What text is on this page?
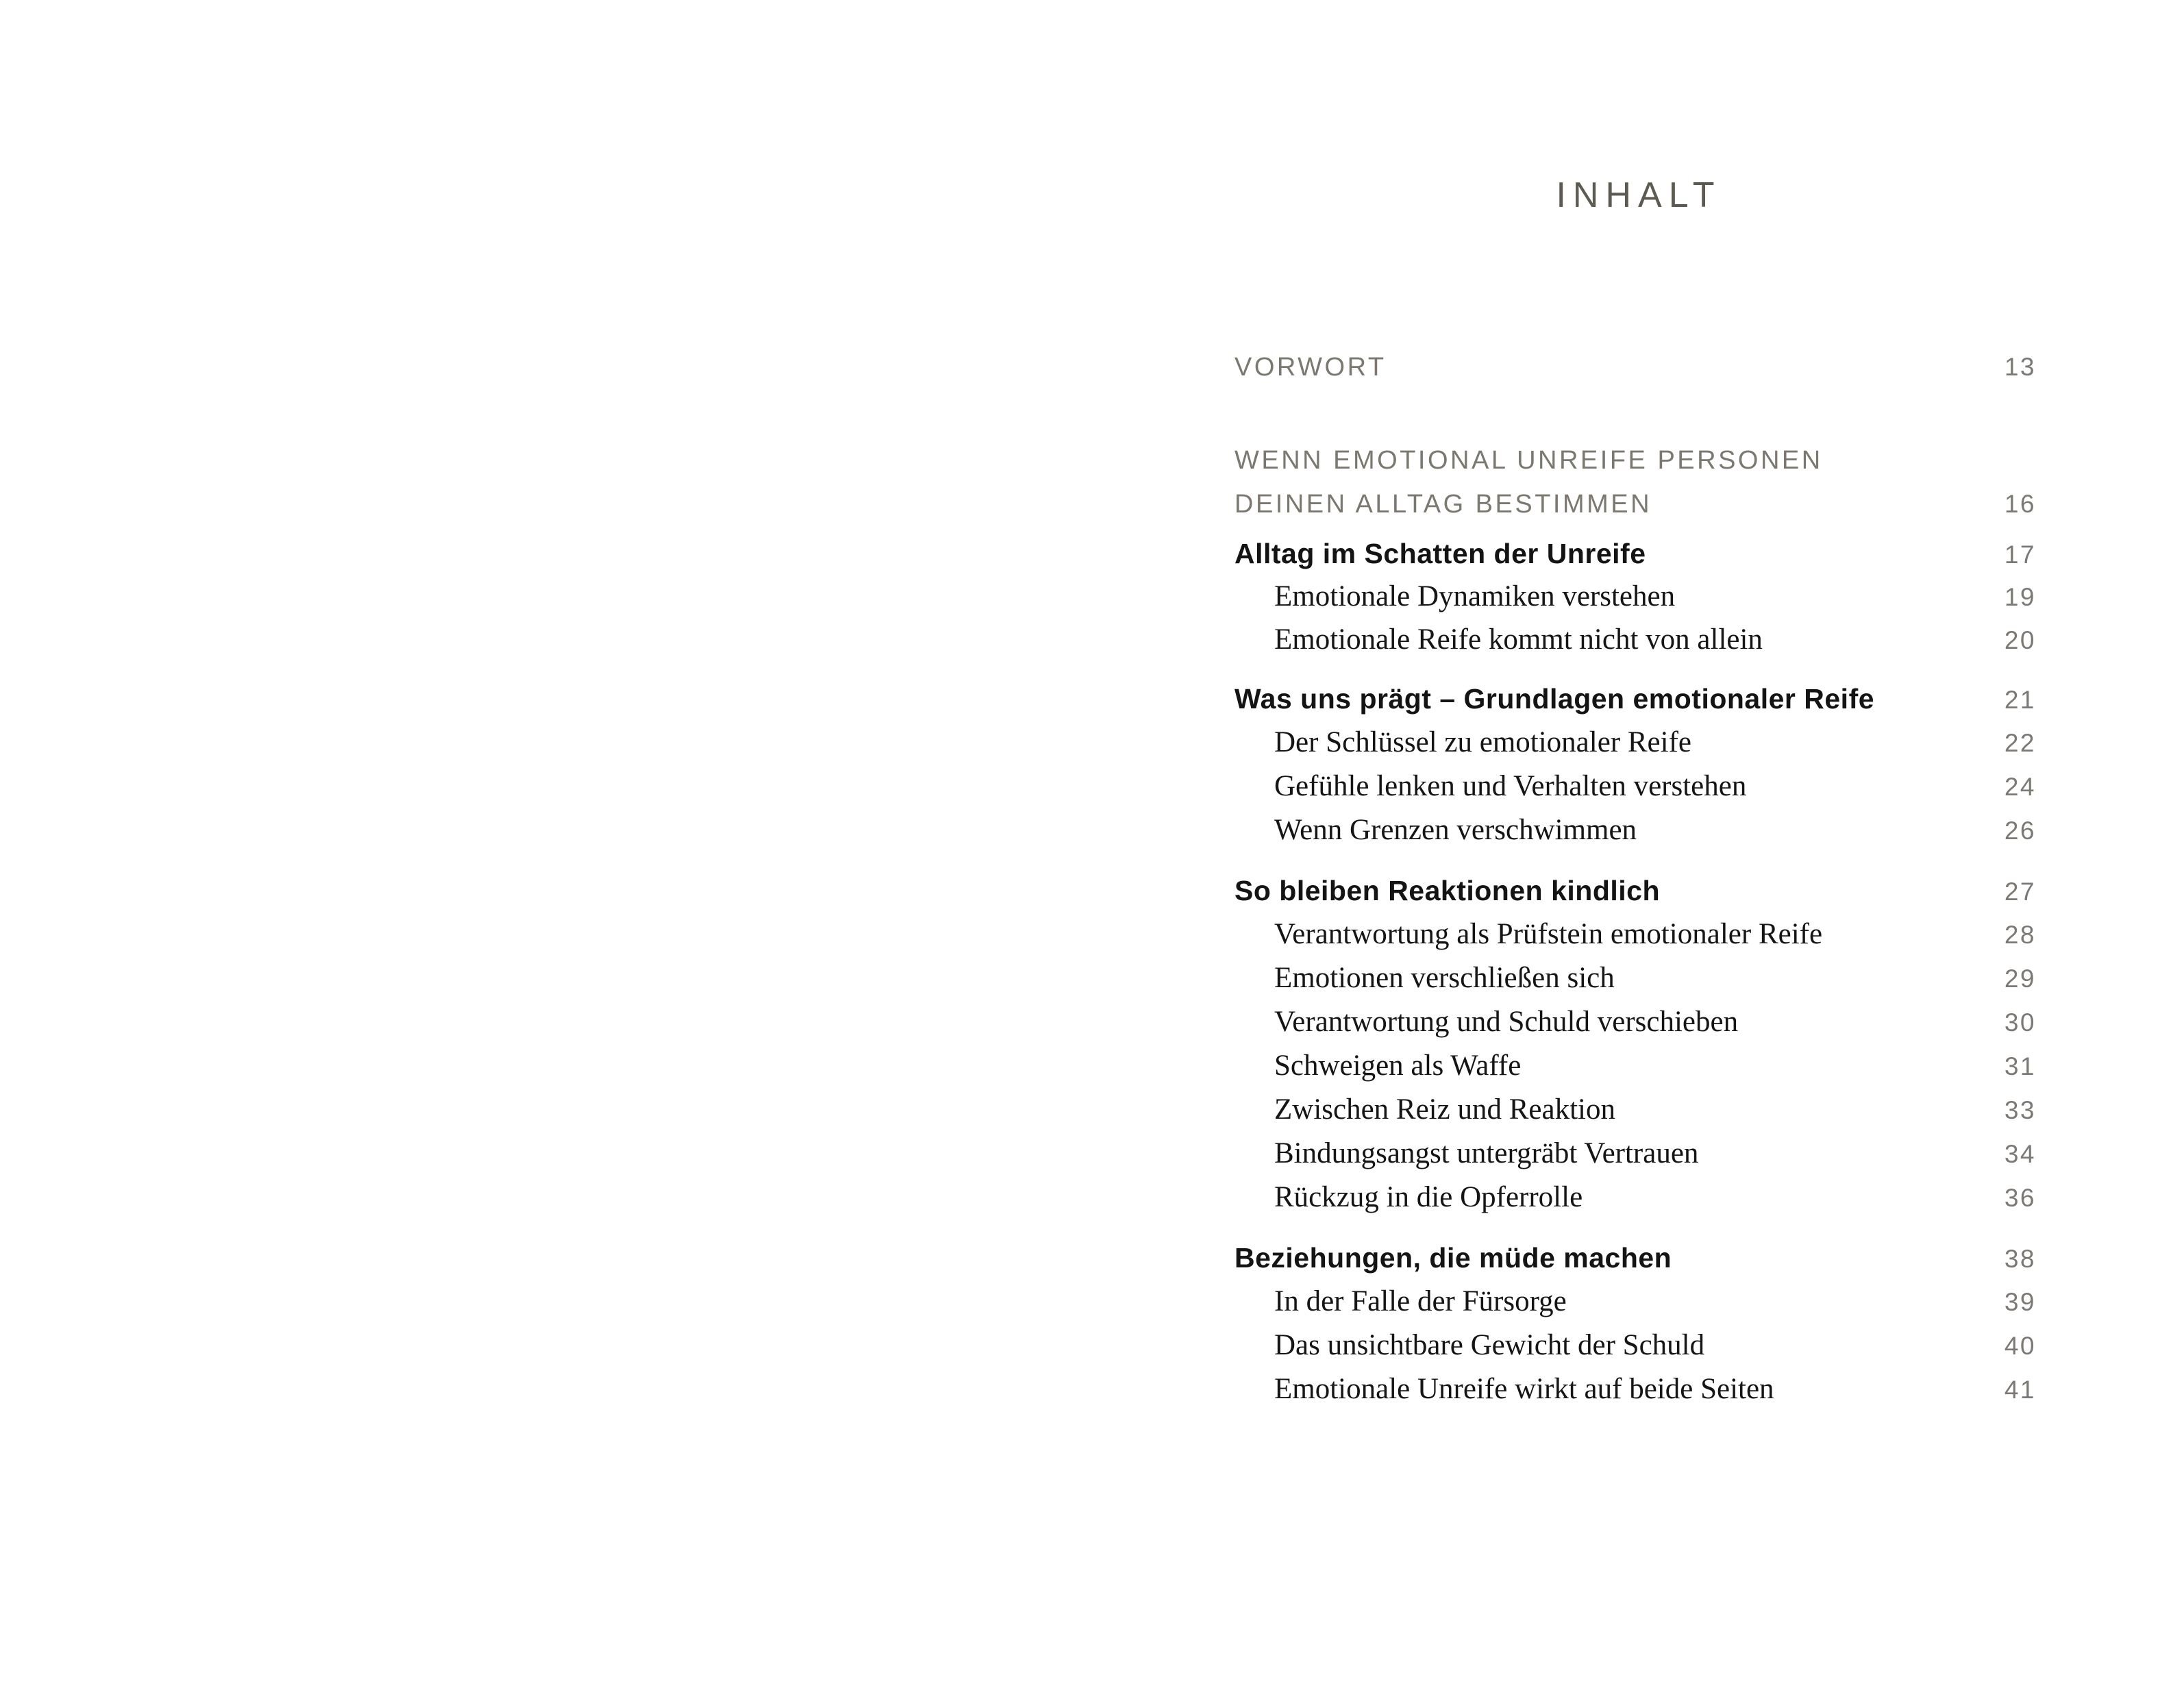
INHALT
VORWORT	13
WENN EMOTIONAL UNREIFE PERSONEN
DEINEN ALLTAG BESTIMMEN	16
Alltag im Schatten der Unreife	17
Emotionale Dynamiken verstehen	19
Emotionale Reife kommt nicht von allein	20
Was uns prägt – Grundlagen emotionaler Reife	21
Der Schlüssel zu emotionaler Reife	22
Gefühle lenken und Verhalten verstehen	24
Wenn Grenzen verschwimmen	26
So bleiben Reaktionen kindlich	27
Verantwortung als Prüfstein emotionaler Reife	28
Emotionen verschließen sich	29
Verantwortung und Schuld verschieben	30
Schweigen als Waffe	31
Zwischen Reiz und Reaktion	33
Bindungsangst untergräbt Vertrauen	34
Rückzug in die Opferrolle	36
Beziehungen, die müde machen	38
In der Falle der Fürsorge	39
Das unsichtbare Gewicht der Schuld	40
Emotionale Unreife wirkt auf beide Seiten	41
